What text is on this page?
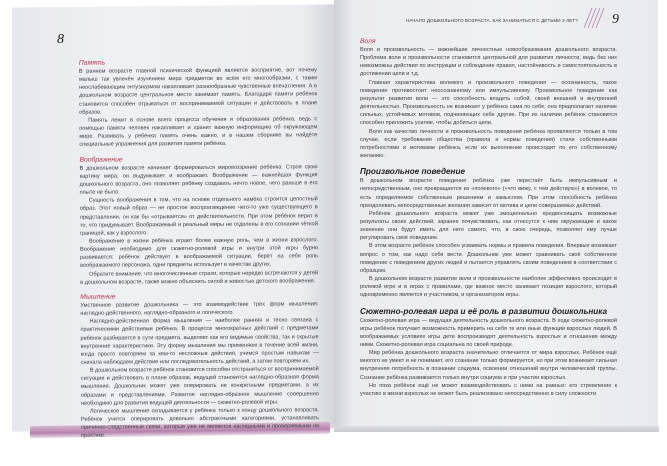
8
9
НАЧАЛО ДОШКОЛЬНОГО ВОЗРАСТА. КАК ЗАНИМАТЬСЯ С ДЕТЬМИ 3 ЛЕТ?
Память

В раннем возрасте главной психической функцией является восприятие, вот почему малыш так увлечён изучением мира предметов во всём его многообразии, с таким неослабевающим энтузиазмом накапливает разнообразные чувственные впечатления. А в дошкольном возрасте центральное место занимает память. Благодаря памяти ребёнок становится способен отрываться от воспринимаемой ситуации и действовать в плане образов.

Память лежит в основе всего процесса обучения и образования ребёнка, ведь с помощью памяти человек накапливает и хранит важную информацию об окружающем мире. Развивать у ребёнка память очень важно, и в нашем сборнике вы найдёте специальные упражнения для развития памяти ребёнка.

Воображение

В дошкольном возрасте начинает формироваться мировоззрение ребёнка. Строя свою картину мира, он выдумывает и воображает. Воображение — важнейшая функция дошкольного возраста, оно позволяет ребёнку создавать нечто новое, чего раньше в его опыте не было.

Сущность воображения в том, что на основе отдельного намёка строится целостный образ. Этот новый образ — не простое воспроизведение чего-то уже существующего в представлении, он как бы «отрывается» от действительности. При этом ребёнок верит в то, что придумывает. Воображаемый и реальный миры не отделены в его сознании чёткой границей, как у взрослого.

Воображение в жизни ребёнка играет более важную роль, чем в жизни взрослого. Воображение необходимо для сюжетно-ролевой игры и внутри этой игры бурно развивается: ребёнок действует в воображаемой ситуации, берёт на себя роль воображаемого персонажа, одни предметы использует в качестве других.

Обратите внимание, что многочисленные страхи, которые нередко встречаются у детей в дошкольном возрасте, также можно объяснить силой и живостью детского воображения.

Мышление

Умственное развитие дошкольника — это взаимодействие трёх форм мышления: наглядно-действенного, наглядно-образного и логического.

Наглядно-действенная форма мышления — наиболее ранняя и тесно связана с практическими действиями ребёнка. В процессе многократных действий с предметами ребёнок разбирается в сути предмета, выделяет как его видимые свойства, так и скрытые внутренние характеристики. Эту форму мышления мы применяем в течение всей жизни, когда просто повторяем за кем-то несложные действия, учимся простым навыкам — сначала наблюдаем действие или последовательность действий, а затем повторяем их.

В дошкольном возрасте ребёнок становится способен отстраниться от воспринимаемой ситуации и действовать в плане образов, ведущей становится наглядно-образная форма мышления. Дошкольник может уже оперировать не конкретными предметами, а их образами и представлениями. Развитое наглядно-образное мышление совершенно необходимо для развития ведущей деятельности — сюжетно-ролевой игры.

Логическое мышление складывается у ребёнка только к концу дошкольного возраста. Ребёнок учится оперировать довольно абстрактными категориями, устанавливать причинно-следственные связи, которые уже не являются наглядными и проверяемыми на практике.

Воля

Воля и произвольность — важнейшие личностные новообразования дошкольного возраста. Проблема воли и произвольности становится центральной для развития личности, ведь без них невозможны действия по инструкции и соблюдение правил, настойчивость и самостоятельность в достижении цели и т.д.

Главная характеристика волевого и произвольного поведения — осознанность, такое поведение противостоит неосознанному или импульсивному. Произвольное поведение как результат развития воли — это способность владеть собой, своей внешней и внутренней деятельностью. Произвольность не возникает у ребёнка сама по себе, она предполагает наличие сильных, устойчивых мотивов, подчиняющих себе другие. При их наличии ребёнок становится способен приложить усилие, чтобы добиться цели.

Воля как качество личности и произвольность поведения ребёнка проявляются только в том случае, если требования общества (правила и нормы поведения) стали собственными потребностями и мотивами ребёнка, если их выполнение происходит по его собственному желанию.

Произвольное поведение

В дошкольном возрасте поведение ребёнка уже перестаёт быть импульсивным и непосредственным, оно превращается из «полевого» («что вижу, с тем действую») в волевое, то есть определяемое собственным решением и замыслом. При этом способность ребёнка преодолевать непосредственные желания зависит от мотива и цели совершаемых действий.

Ребёнок дошкольного возраста может уже эмоционально предвосхищать возможные результаты своих действий, заранее почувствовать, как отнесутся к ним окружающие и какое значение они будут иметь для него самого, что, в свою очередь, позволяет ему лучше регулировать своё поведение.

В этом возрасте ребёнок способен усваивать нормы и правила поведения. Впервые возникает вопрос о том, как надо себя вести. Дошкольник уже может сравнивать своё собственное поведение с поведением других людей и пытается управлять своим поведением в соответствии с образцом.

В дошкольном возрасте развитие воли и произвольности наиболее эффективно происходит в ролевой игре и в играх с правилами, где важное место занимает позиция взрослого, который одновременно является и участником, и организатором игры.

Сюжетно-ролевая игра и её роль в развитии дошкольника

Сюжетно-ролевая игра — ведущая деятельность дошкольного возраста. В ходе сюжетно-ролевой игры ребёнок получает возможность примерить на себя те или иные функции взрослых людей. В воображаемых условиях игры дети воспроизводят деятельность взрослых и отношения между ними. Сюжетно-ролевая игра социальна по своей природе.

Мир ребёнка дошкольного возраста значительно отличается от мира взрослых. Ребёнок ещё многого не умеет и не понимает, его сознание только формируется, но при этом возникает сильная внутренняя потребность в познании социума, освоении отношений внутри человеческой группы. Сознание ребёнка развивается только внутри социума и при участии взрослых.

Но пока ребёнок ещё не может взаимодействовать с ними на равных: его стремление к участию в жизни взрослых не может быть реализовано непосредственно в силу сложности
